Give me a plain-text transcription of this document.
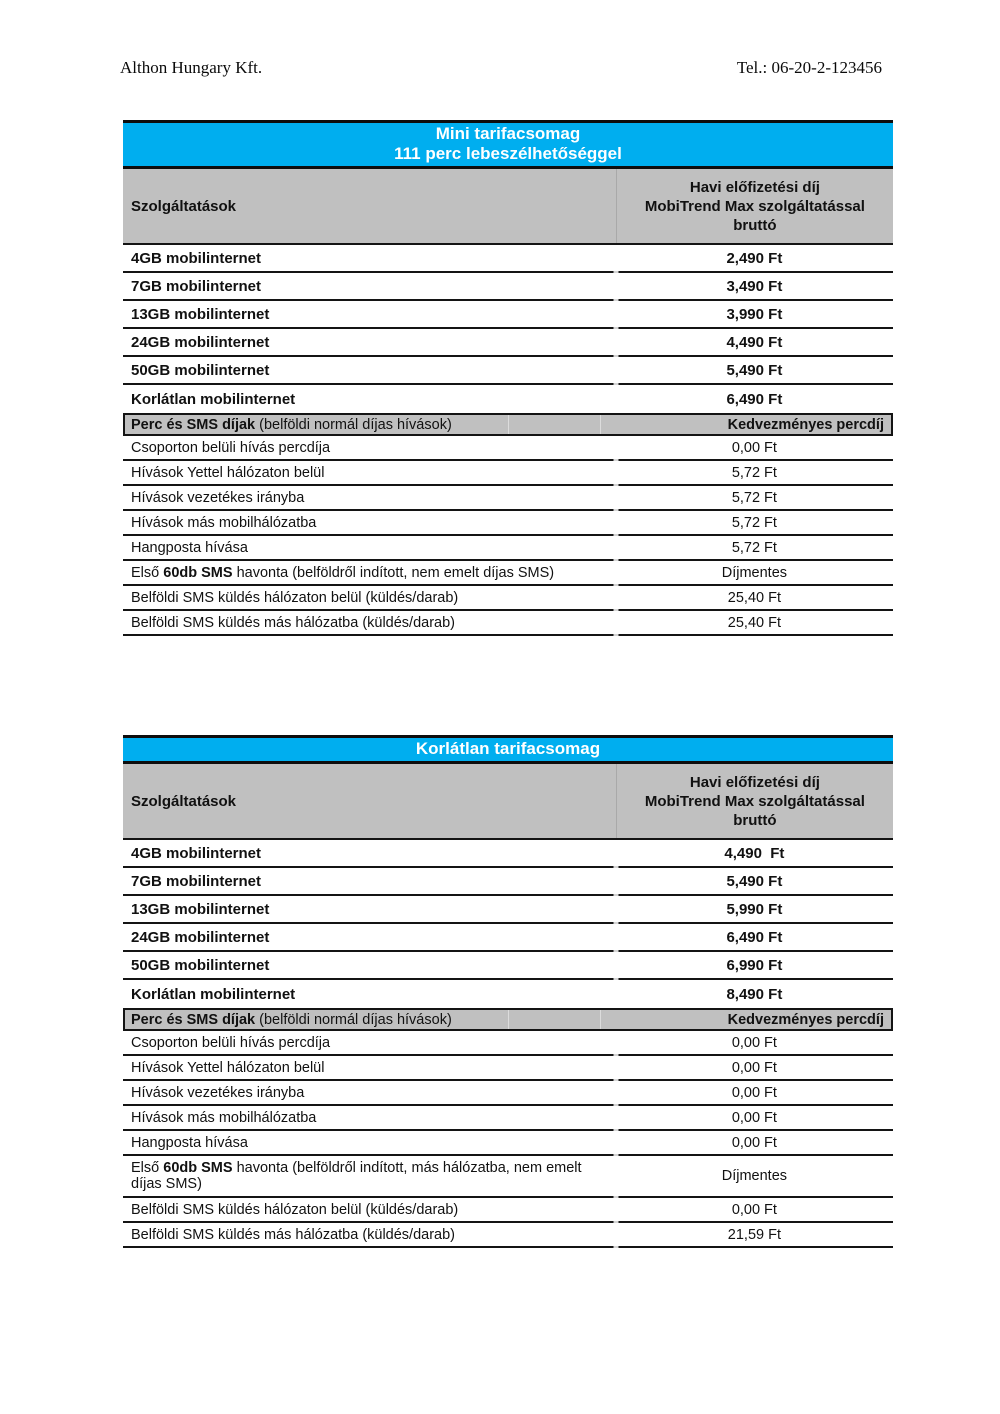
Althon Hungary Kft.	Tel.: 06-20-2-123456
Mini tarifacsomag
111 perc lebeszélhetőséggel
Szolgáltatások
Havi előfizetési díj
MobiTrend Max szolgáltatással
bruttó
4GB mobilinternet	2,490 Ft
7GB mobilinternet	3,490 Ft
13GB mobilinternet	3,990 Ft
24GB mobilinternet	4,490 Ft
50GB mobilinternet	5,490 Ft
Korlátlan mobilinternet	6,490 Ft
Perc és SMS díjak (belföldi normál díjas hívások)	Kedvezményes percdíj
Csoporton belüli hívás percdíja	0,00 Ft
Hívások Yettel hálózaton belül	5,72 Ft
Hívások vezetékes irányba	5,72 Ft
Hívások más mobilhálózatba	5,72 Ft
Hangposta hívása	5,72 Ft
Első 60db SMS havonta (belföldről indított, nem emelt díjas SMS)	Díjmentes
Belföldi SMS küldés hálózaton belül (küldés/darab)	25,40 Ft
Belföldi SMS küldés más hálózatba (küldés/darab)	25,40 Ft
Korlátlan tarifacsomag
Szolgáltatások
Havi előfizetési díj
MobiTrend Max szolgáltatással
bruttó
4GB mobilinternet	4,490  Ft
7GB mobilinternet	5,490 Ft
13GB mobilinternet	5,990 Ft
24GB mobilinternet	6,490 Ft
50GB mobilinternet	6,990 Ft
Korlátlan mobilinternet	8,490 Ft
Perc és SMS díjak (belföldi normál díjas hívások)	Kedvezményes percdíj
Csoporton belüli hívás percdíja	0,00 Ft
Hívások Yettel hálózaton belül	0,00 Ft
Hívások vezetékes irányba	0,00 Ft
Hívások más mobilhálózatba	0,00 Ft
Hangposta hívása	0,00 Ft
Első 60db SMS havonta (belföldről indított, más hálózatba, nem emelt díjas SMS)	Díjmentes
Belföldi SMS küldés hálózaton belül (küldés/darab)	0,00 Ft
Belföldi SMS küldés más hálózatba (küldés/darab)	21,59 Ft
